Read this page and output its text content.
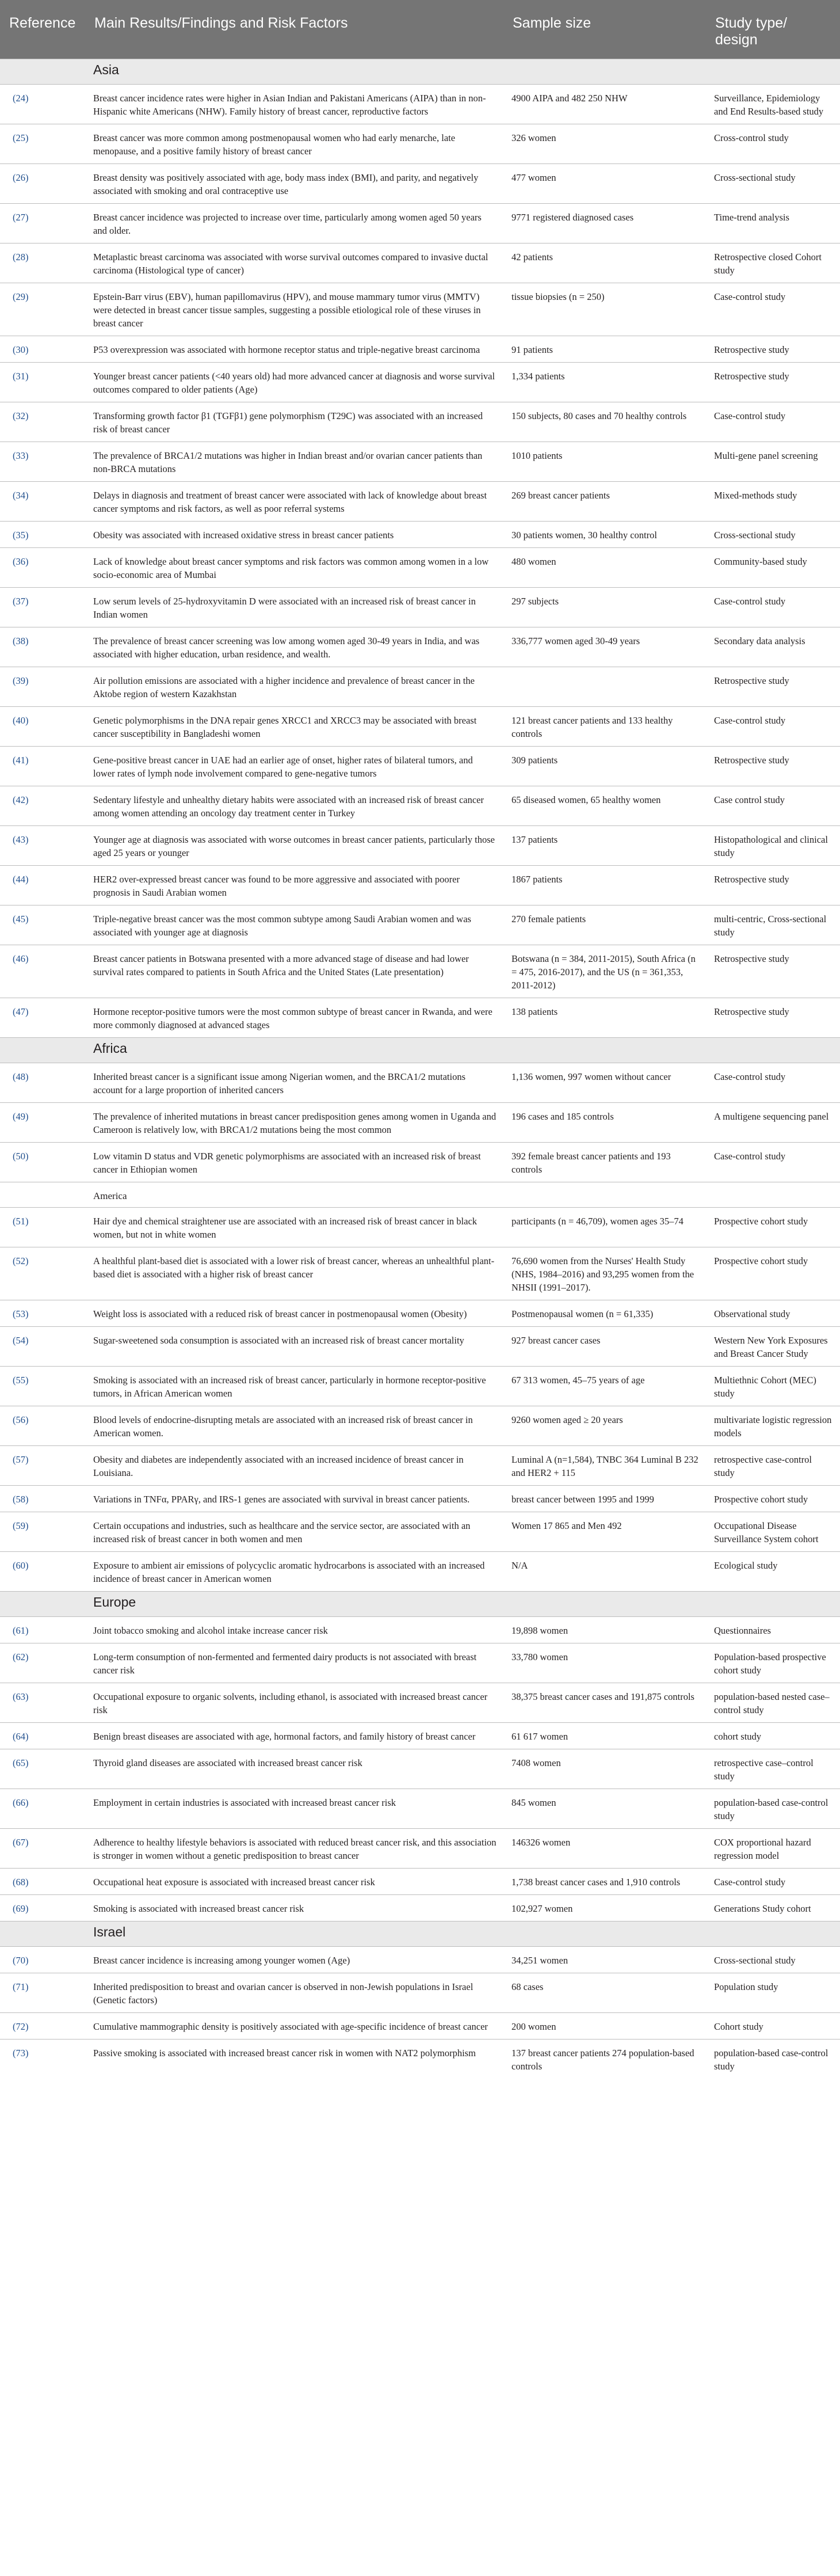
Reference	Main Results/Findings and Risk Factors	Sample size	Study type/ design
	Asia		
(24)	Breast cancer incidence rates were higher in Asian Indian and Pakistani Americans (AIPA) than in non-Hispanic white Americans (NHW). Family history of breast cancer, reproductive factors	4900 AIPA and 482 250 NHW	Surveillance, Epidemiology and End Results-based study
(25)	Breast cancer was more common among postmenopausal women who had early menarche, late menopause, and a positive family history of breast cancer	326 women	Cross-control study
(26)	Breast density was positively associated with age, body mass index (BMI), and parity, and negatively associated with smoking and oral contraceptive use	477 women	Cross-sectional study
(27)	Breast cancer incidence was projected to increase over time, particularly among women aged 50 years and older.	9771 registered diagnosed cases	Time-trend analysis
(28)	Metaplastic breast carcinoma was associated with worse survival outcomes compared to invasive ductal carcinoma (Histological type of cancer)	42 patients	Retrospective closed Cohort study
(29)	Epstein-Barr virus (EBV), human papillomavirus (HPV), and mouse mammary tumor virus (MMTV) were detected in breast cancer tissue samples, suggesting a possible etiological role of these viruses in breast cancer	tissue biopsies (n = 250)	Case-control study
(30)	P53 overexpression was associated with hormone receptor status and triple-negative breast carcinoma	91 patients	Retrospective study
(31)	Younger breast cancer patients (<40 years old) had more advanced cancer at diagnosis and worse survival outcomes compared to older patients (Age)	1,334 patients	Retrospective study
(32)	Transforming growth factor β1 (TGFβ1) gene polymorphism (T29C) was associated with an increased risk of breast cancer	150 subjects, 80 cases and 70 healthy controls	Case-control study
(33)	The prevalence of BRCA1/2 mutations was higher in Indian breast and/or ovarian cancer patients than non-BRCA mutations	1010 patients	Multi-gene panel screening
(34)	Delays in diagnosis and treatment of breast cancer were associated with lack of knowledge about breast cancer symptoms and risk factors, as well as poor referral systems	269 breast cancer patients	Mixed-methods study
(35)	Obesity was associated with increased oxidative stress in breast cancer patients	30 patients women, 30 healthy control	Cross-sectional study
(36)	Lack of knowledge about breast cancer symptoms and risk factors was common among women in a low socio-economic area of Mumbai	480 women	Community-based study
(37)	Low serum levels of 25-hydroxyvitamin D were associated with an increased risk of breast cancer in Indian women	297 subjects	Case-control study
(38)	The prevalence of breast cancer screening was low among women aged 30-49 years in India, and was associated with higher education, urban residence, and wealth.	336,777 women aged 30-49 years	Secondary data analysis
(39)	Air pollution emissions are associated with a higher incidence and prevalence of breast cancer in the Aktobe region of western Kazakhstan		Retrospective study
(40)	Genetic polymorphisms in the DNA repair genes XRCC1 and XRCC3 may be associated with breast cancer susceptibility in Bangladeshi women	121 breast cancer patients and 133 healthy controls	Case-control study
(41)	Gene-positive breast cancer in UAE had an earlier age of onset, higher rates of bilateral tumors, and lower rates of lymph node involvement compared to gene-negative tumors	309 patients	Retrospective study
(42)	Sedentary lifestyle and unhealthy dietary habits were associated with an increased risk of breast cancer among women attending an oncology day treatment center in Turkey	65 diseased women, 65 healthy women	Case control study
(43)	Younger age at diagnosis was associated with worse outcomes in breast cancer patients, particularly those aged 25 years or younger	137 patients	Histopathological and clinical study
(44)	HER2 over-expressed breast cancer was found to be more aggressive and associated with poorer prognosis in Saudi Arabian women	1867 patients	Retrospective study
(45)	Triple-negative breast cancer was the most common subtype among Saudi Arabian women and was associated with younger age at diagnosis	270 female patients	multi-centric, Cross-sectional study
(46)	Breast cancer patients in Botswana presented with a more advanced stage of disease and had lower survival rates compared to patients in South Africa and the United States (Late presentation)	Botswana (n = 384, 2011-2015), South Africa (n = 475, 2016-2017), and the US (n = 361,353, 2011-2012)	Retrospective study
(47)	Hormone receptor-positive tumors were the most common subtype of breast cancer in Rwanda, and were more commonly diagnosed at advanced stages	138 patients	Retrospective study
	Africa		
(48)	Inherited breast cancer is a significant issue among Nigerian women, and the BRCA1/2 mutations account for a large proportion of inherited cancers	1,136 women, 997 women without cancer	Case-control study
(49)	The prevalence of inherited mutations in breast cancer predisposition genes among women in Uganda and Cameroon is relatively low, with BRCA1/2 mutations being the most common	196 cases and 185 controls	A multigene sequencing panel
(50)	Low vitamin D status and VDR genetic polymorphisms are associated with an increased risk of breast cancer in Ethiopian women	392 female breast cancer patients and 193 controls	Case-control study
	America		
(51)	Hair dye and chemical straightener use are associated with an increased risk of breast cancer in black women, but not in white women	participants (n = 46,709), women ages 35–74	Prospective cohort study
(52)	A healthful plant-based diet is associated with a lower risk of breast cancer, whereas an unhealthful plant-based diet is associated with a higher risk of breast cancer	76,690 women from the Nurses' Health Study (NHS, 1984–2016) and 93,295 women from the NHSII (1991–2017).	Prospective cohort study
(53)	Weight loss is associated with a reduced risk of breast cancer in postmenopausal women (Obesity)	Postmenopausal women (n = 61,335)	Observational study
(54)	Sugar-sweetened soda consumption is associated with an increased risk of breast cancer mortality	927 breast cancer cases	Western New York Exposures and Breast Cancer Study
(55)	Smoking is associated with an increased risk of breast cancer, particularly in hormone receptor-positive tumors, in African American women	67 313 women, 45–75 years of age	Multiethnic Cohort (MEC) study
(56)	Blood levels of endocrine-disrupting metals are associated with an increased risk of breast cancer in American women.	9260 women aged ≥ 20 years	multivariate logistic regression models
(57)	Obesity and diabetes are independently associated with an increased incidence of breast cancer in Louisiana.	Luminal A (n=1,584), TNBC 364 Luminal B 232 and HER2 + 115	retrospective case-control study
(58)	Variations in TNFα, PPARγ, and IRS-1 genes are associated with survival in breast cancer patients.	breast cancer between 1995 and 1999	Prospective cohort study
(59)	Certain occupations and industries, such as healthcare and the service sector, are associated with an increased risk of breast cancer in both women and men	Women 17 865 and Men 492	Occupational Disease Surveillance System cohort
(60)	Exposure to ambient air emissions of polycyclic aromatic hydrocarbons is associated with an increased incidence of breast cancer in American women	N/A	Ecological study
	Europe		
(61)	Joint tobacco smoking and alcohol intake increase cancer risk	19,898 women	Questionnaires
(62)	Long-term consumption of non-fermented and fermented dairy products is not associated with breast cancer risk	33,780 women	Population-based prospective cohort study
(63)	Occupational exposure to organic solvents, including ethanol, is associated with increased breast cancer risk	38,375 breast cancer cases and 191,875 controls	population-based nested case–control study
(64)	Benign breast diseases are associated with age, hormonal factors, and family history of breast cancer	61 617 women	cohort study
(65)	Thyroid gland diseases are associated with increased breast cancer risk	7408 women	retrospective case–control study
(66)	Employment in certain industries is associated with increased breast cancer risk	845 women	population-based case-control study
(67)	Adherence to healthy lifestyle behaviors is associated with reduced breast cancer risk, and this association is stronger in women without a genetic predisposition to breast cancer	146326 women	COX proportional hazard regression model
(68)	Occupational heat exposure is associated with increased breast cancer risk	1,738 breast cancer cases and 1,910 controls	Case-control study
(69)	Smoking is associated with increased breast cancer risk	102,927 women	Generations Study cohort
	Israel		
(70)	Breast cancer incidence is increasing among younger women (Age)	34,251 women	Cross-sectional study
(71)	Inherited predisposition to breast and ovarian cancer is observed in non-Jewish populations in Israel (Genetic factors)	68 cases	Population study
(72)	Cumulative mammographic density is positively associated with age-specific incidence of breast cancer	200 women	Cohort study
(73)	Passive smoking is associated with increased breast cancer risk in women with NAT2 polymorphism	137 breast cancer patients 274 population-based controls	population-based case-control study
